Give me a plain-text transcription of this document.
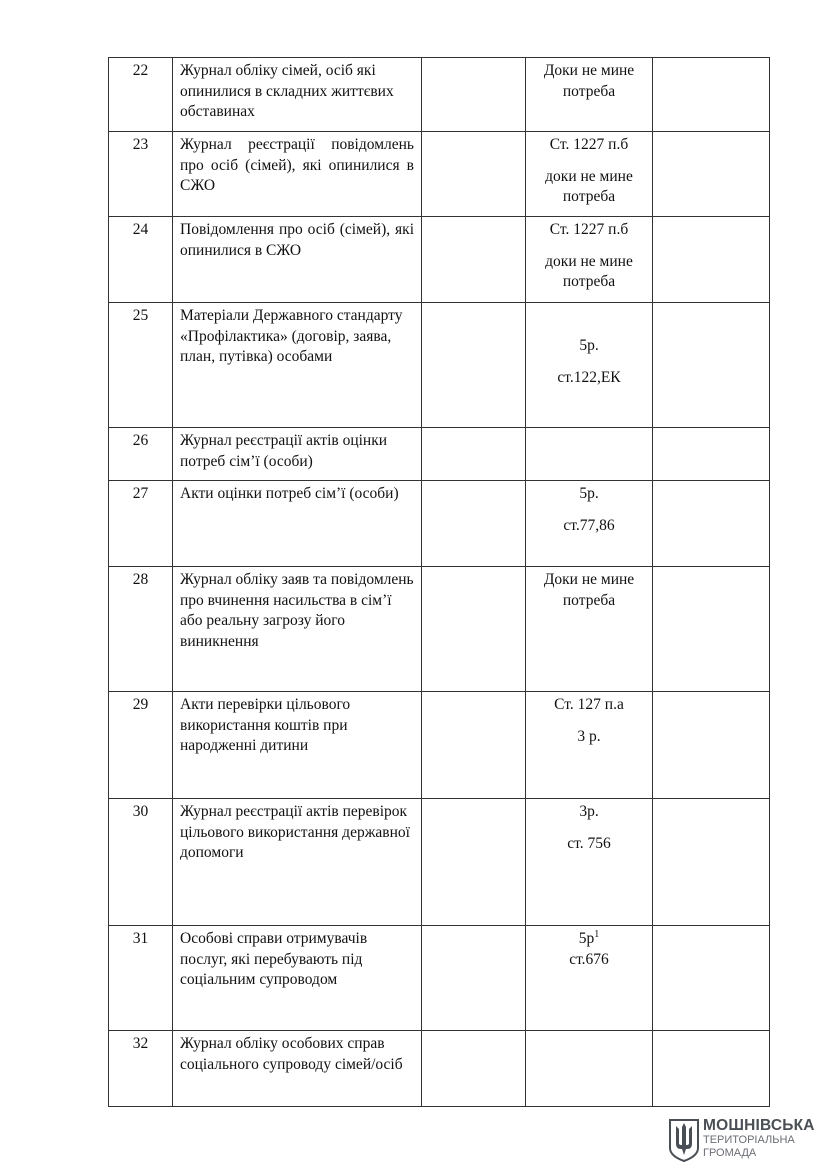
22	Журнал обліку сімей, осіб які опинилися в складних життєвих обставинах		Доки не мине
потреба	

23	Журнал реєстрації повідомлень про осіб (сімей), які опинилися в СЖО		Ст. 1227 п.б
доки не мине
потреба	

24	Повідомлення про осіб (сімей), які опинилися в СЖО		Ст. 1227 п.б
доки не мине
потреба	

25	Матеріали Державного стандарту «Профілактика» (договір, заява, план, путівка) особами		5р.
ст.122,ЕК	

26	Журнал реєстрації актів оцінки потреб сім’ї (особи)			
27	Акти оцінки потреб сім’ї (особи)		5р.
ст.77,86	

28	Журнал обліку заяв та повідомлень про вчинення насильства в сім’ї або реальну загрозу його виникнення		Доки не мине
потреба	

29	Акти перевірки цільового використання коштів при народженні дитини		Ст. 127 п.а
3 р.	

30	Журнал реєстрації актів перевірок цільового використання державної допомоги		3р.
ст. 756	

31	Особові справи отримувачів послуг, які перебувають під соціальним супроводом		$5р^1$
ст.676	

32	Журнал обліку особових справ соціального супроводу сімей/осіб			
МОШНІВСЬКА
ТЕРИТОРІАЛЬНА
ГРОМАДА
